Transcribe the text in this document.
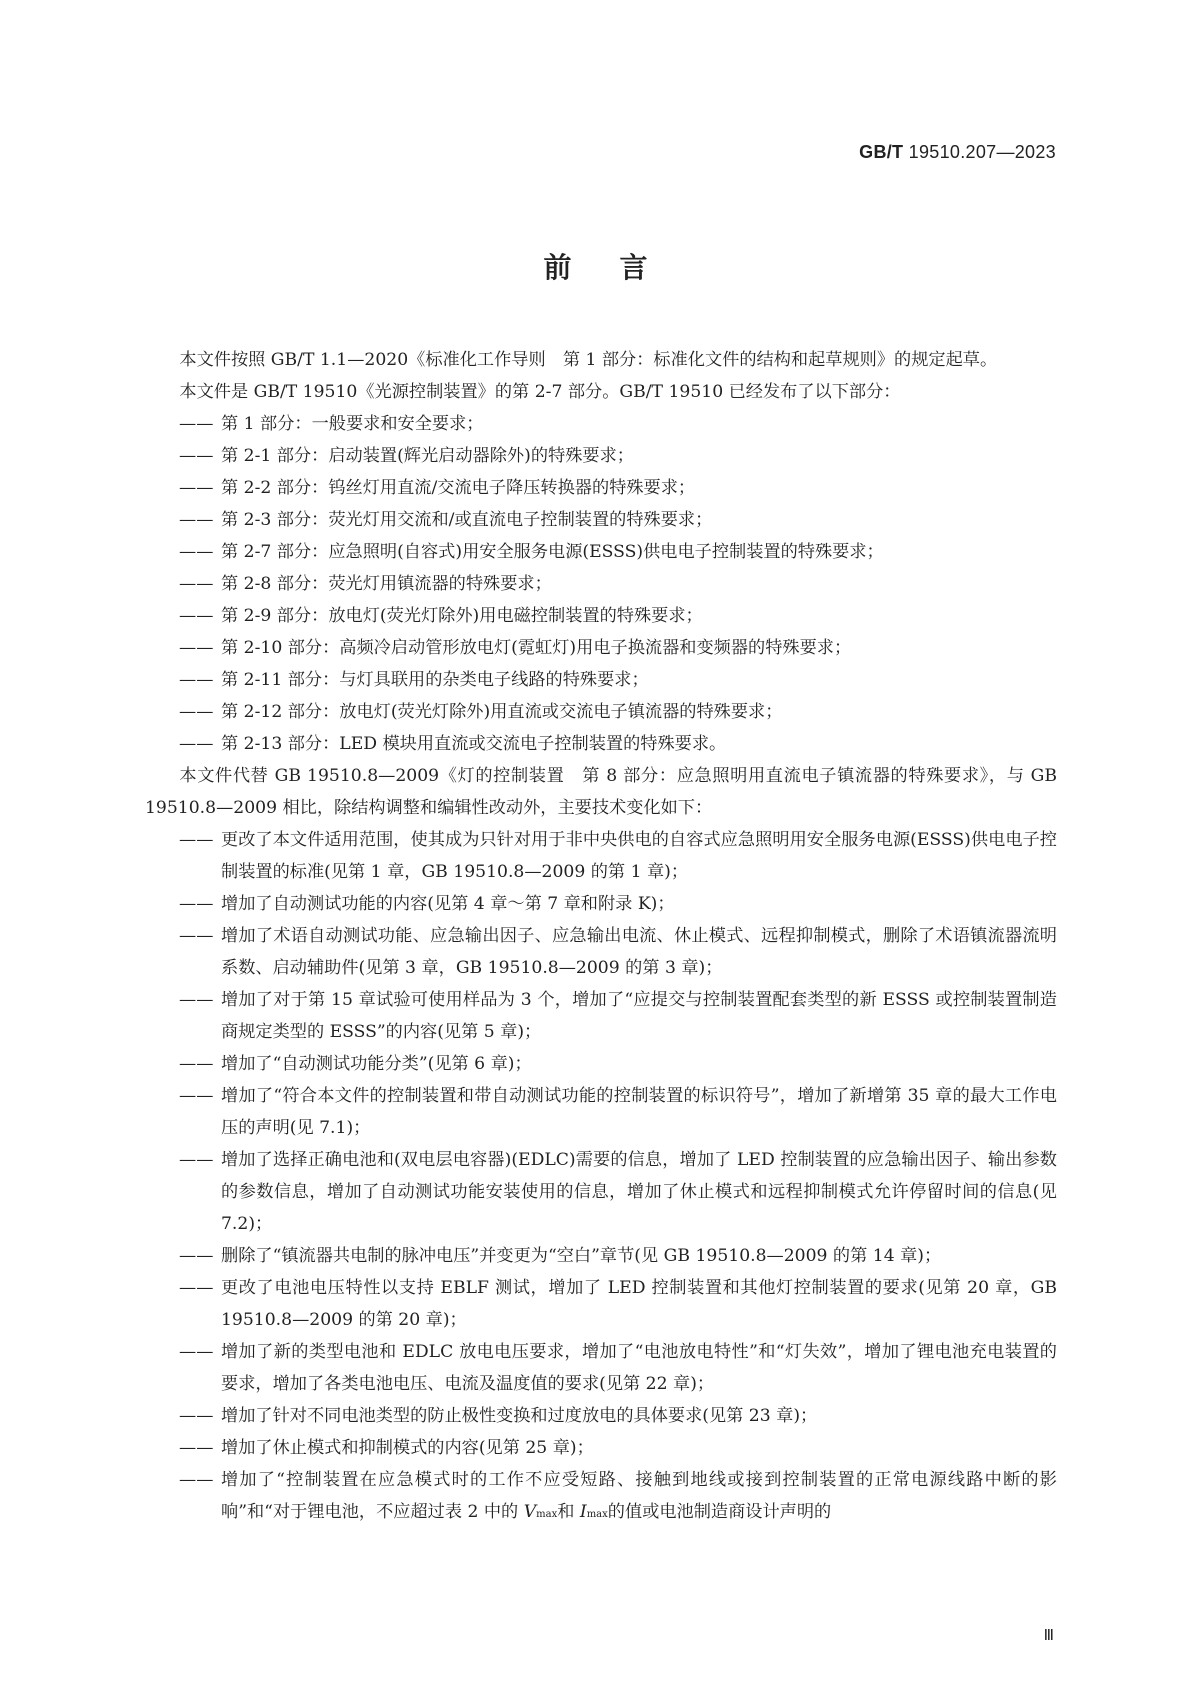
GB/T 19510.207—2023
前言

本文件按照 GB/T 1.1—2020《标准化工作导则　第 1 部分：标准化文件的结构和起草规则》的规定起草。

本文件是 GB/T 19510《光源控制装置》的第 2-7 部分。GB/T 19510 已经发布了以下部分：

—— 第 1 部分：一般要求和安全要求；

—— 第 2-1 部分：启动装置(辉光启动器除外)的特殊要求；

—— 第 2-2 部分：钨丝灯用直流/交流电子降压转换器的特殊要求；

—— 第 2-3 部分：荧光灯用交流和/或直流电子控制装置的特殊要求；

—— 第 2-7 部分：应急照明(自容式)用安全服务电源(ESSS)供电电子控制装置的特殊要求；

—— 第 2-8 部分：荧光灯用镇流器的特殊要求；

—— 第 2-9 部分：放电灯(荧光灯除外)用电磁控制装置的特殊要求；

—— 第 2-10 部分：高频冷启动管形放电灯(霓虹灯)用电子换流器和变频器的特殊要求；

—— 第 2-11 部分：与灯具联用的杂类电子线路的特殊要求；

—— 第 2-12 部分：放电灯(荧光灯除外)用直流或交流电子镇流器的特殊要求；

—— 第 2-13 部分：LED 模块用直流或交流电子控制装置的特殊要求。

本文件代替 GB 19510.8—2009《灯的控制装置　第 8 部分：应急照明用直流电子镇流器的特殊要求》，与 GB 19510.8—2009 相比，除结构调整和编辑性改动外，主要技术变化如下：

—— 更改了本文件适用范围，使其成为只针对用于非中央供电的自容式应急照明用安全服务电源(ESSS)供电电子控制装置的标准(见第 1 章，GB 19510.8—2009 的第 1 章)；

—— 增加了自动测试功能的内容(见第 4 章～第 7 章和附录 K)；

—— 增加了术语自动测试功能、应急输出因子、应急输出电流、休止模式、远程抑制模式，删除了术语镇流器流明系数、启动辅助件(见第 3 章，GB 19510.8—2009 的第 3 章)；

—— 增加了对于第 15 章试验可使用样品为 3 个，增加了“应提交与控制装置配套类型的新 ESSS 或控制装置制造商规定类型的 ESSS”的内容(见第 5 章)；

—— 增加了“自动测试功能分类”(见第 6 章)；

—— 增加了“符合本文件的控制装置和带自动测试功能的控制装置的标识符号”，增加了新增第 35 章的最大工作电压的声明(见 7.1)；

—— 增加了选择正确电池和(双电层电容器)(EDLC)需要的信息，增加了 LED 控制装置的应急输出因子、输出参数的参数信息，增加了自动测试功能安装使用的信息，增加了休止模式和远程抑制模式允许停留时间的信息(见 7.2)；

—— 删除了“镇流器共电制的脉冲电压”并变更为“空白”章节(见 GB 19510.8—2009 的第 14 章)；

—— 更改了电池电压特性以支持 EBLF 测试，增加了 LED 控制装置和其他灯控制装置的要求(见第 20 章，GB 19510.8—2009 的第 20 章)；

—— 增加了新的类型电池和 EDLC 放电电压要求，增加了“电池放电特性”和“灯失效”，增加了锂电池充电装置的要求，增加了各类电池电压、电流及温度值的要求(见第 22 章)；

—— 增加了针对不同电池类型的防止极性变换和过度放电的具体要求(见第 23 章)；

—— 增加了休止模式和抑制模式的内容(见第 25 章)；

—— 增加了“控制装置在应急模式时的工作不应受短路、接触到地线或接到控制装置的正常电源线路中断的影响”和“对于锂电池，不应超过表 2 中的 Vmax和 Imax的值或电池制造商设计声明的

Ⅲ
